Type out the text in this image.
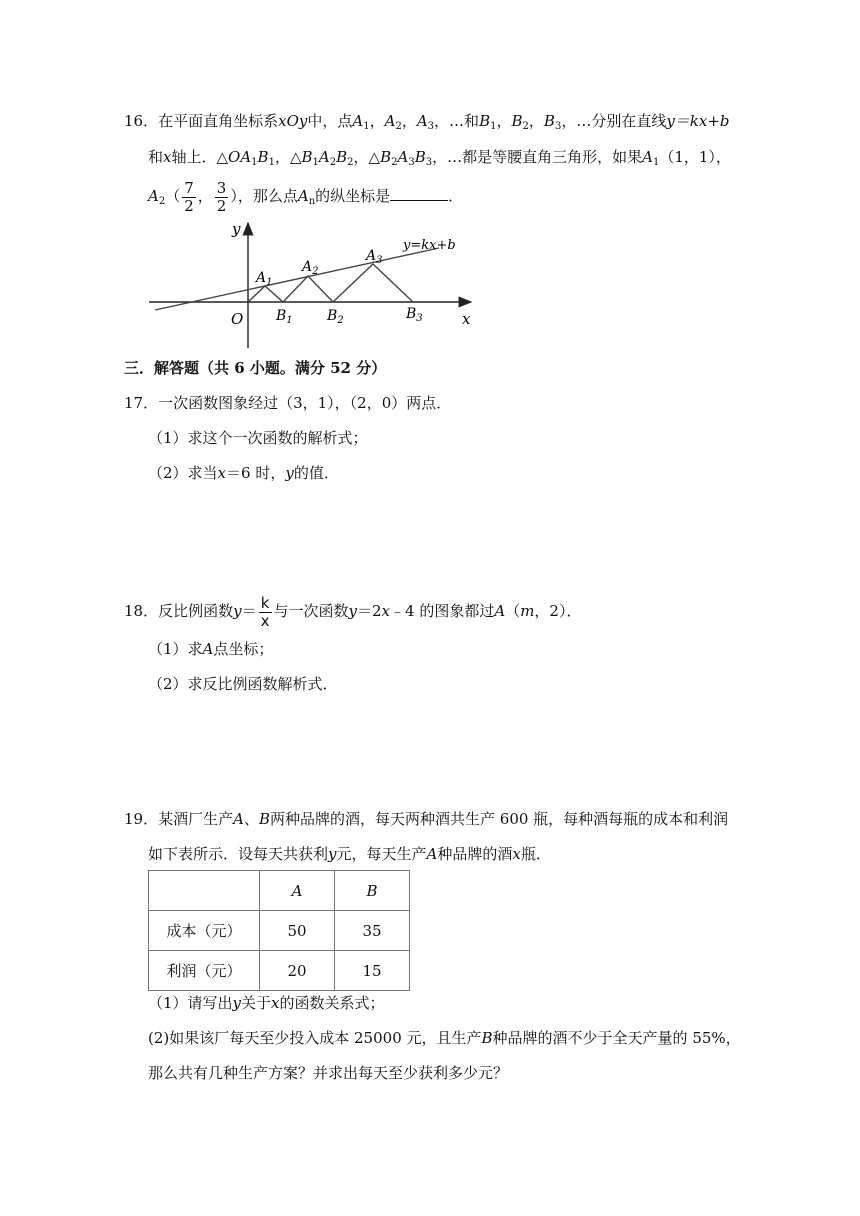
16．在平面直角坐标系xOy中，点$A_1$，$A_2$，$A_3$，…和$B_1$，$B_2$，$B_3$，…分别在直线y＝kx+b
和x轴上．$\triangle OA_1B_1$，$\triangle B_1A_2B_2$，$\triangle B_2A_3B_3$，…都是等腰直角三角形，如果$A_1(1$，1），
$A_2( \frac{7}{2}$ ， $\frac{3}{2}$ ），那么点$A_n$的纵坐标是	．
y
x
O
y=kx+b
$A_1$
$A_2$
$A_3$
$B_1$ $B_2$	$B_3$
三．解答题（共 6 小题。满分 52 分）
17．一次函数图象经过（3，1），（2，0）两点．
（1）求这个一次函数的解析式；
（2）求当x＝6 时，y的值．
18．反比例函数$y= \frac{k}{x}$ 与一次函数y＝2x﹣4 的图象都过A（m，2）．
（1）求A点坐标；
（2）求反比例函数解析式．
19．某酒厂生产A、B两种品牌的酒，每天两种酒共生产 600 瓶，每种酒每瓶的成本和利润
如下表所示．设每天共获利y元，每天生产A种品牌的酒x瓶．
	A	B
成本（元）	50	35
利润（元）	20	15
（1）请写出y关于x的函数关系式；
(2)如果该厂每天至少投入成本 25000 元，且生产B种品牌的酒不少于全天产量的 55%，
那么共有几种生产方案？并求出每天至少获利多少元？
